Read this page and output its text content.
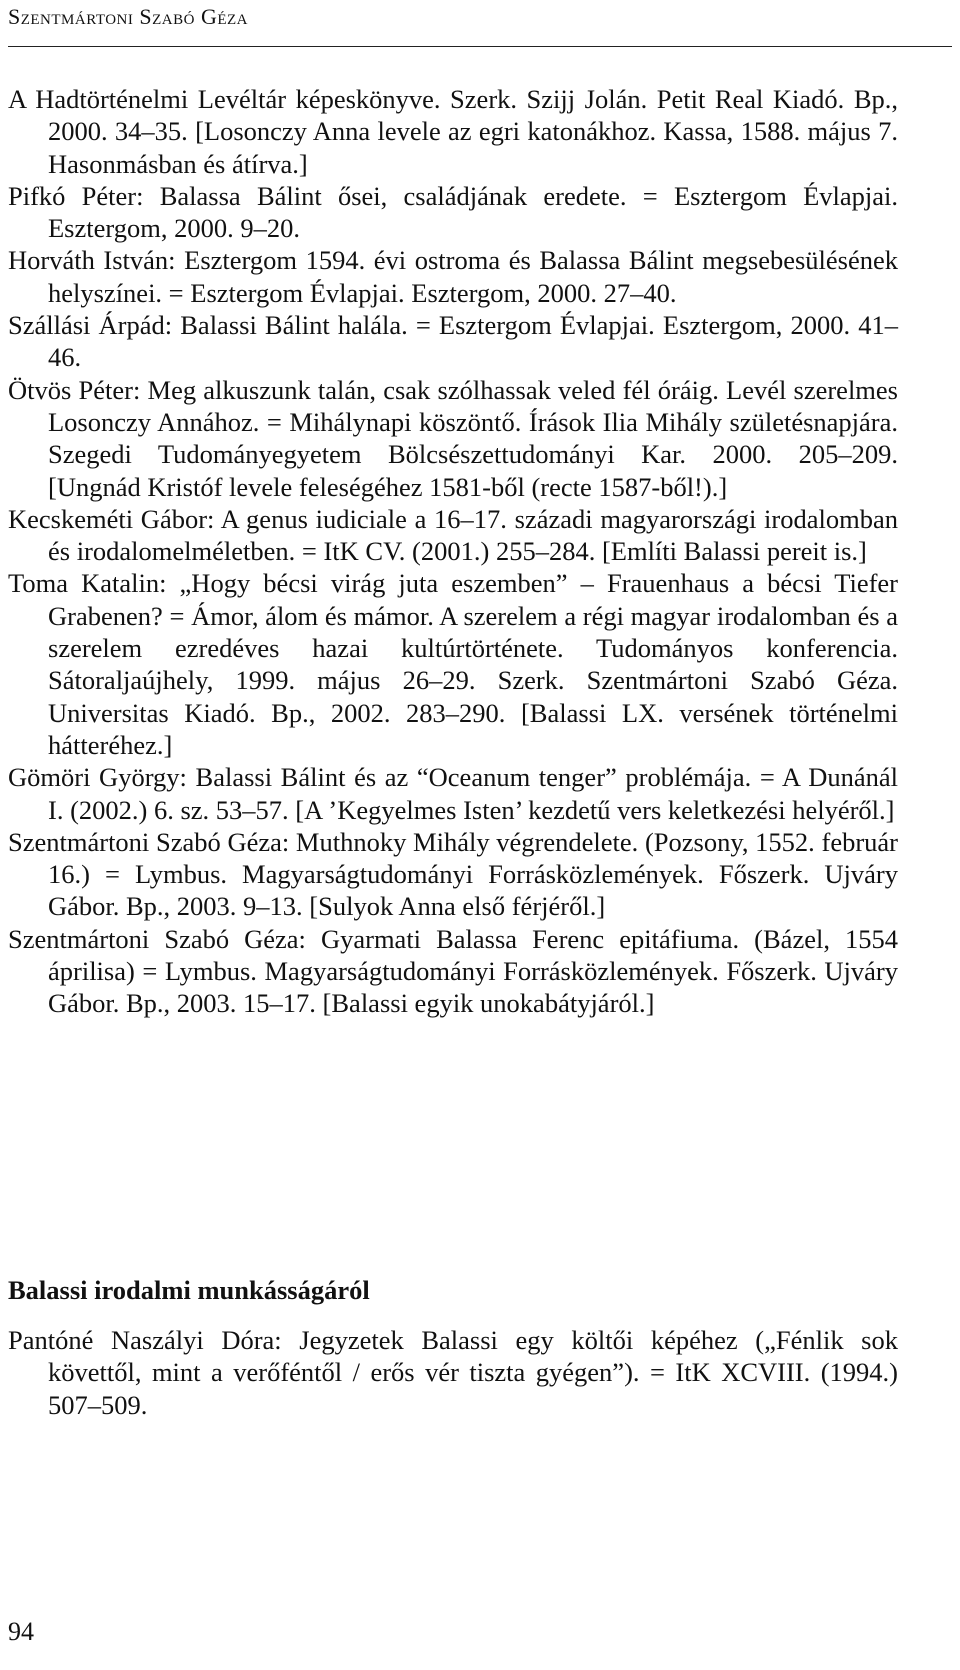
Szentmártoni Szabó Géza

A Hadtörténelmi Levéltár képeskönyve. Szerk. Szijj Jolán. Petit Real Kiadó. Bp., 2000. 34–35. [Losonczy Anna levele az egri katonákhoz. Kassa, 1588. május 7. Hasonmásban és átírva.]

Pifkó Péter: Balassa Bálint ősei, családjának eredete. = Esztergom Évlapjai. Esztergom, 2000. 9–20.

Horváth István: Esztergom 1594. évi ostroma és Balassa Bálint megsebesülésének helyszínei. = Esztergom Évlapjai. Esztergom, 2000. 27–40.

Szállási Árpád: Balassi Bálint halála. = Esztergom Évlapjai. Esztergom, 2000. 41–46.

Ötvös Péter: Meg alkuszunk talán, csak szólhassak veled fél óráig. Levél szerelmes Losonczy Annához. = Mihálynapi köszöntő. Írások Ilia Mihály születésnapjára. Szegedi Tudományegyetem Bölcsészettudományi Kar. 2000. 205–209. [Ungnád Kristóf levele feleségéhez 1581-ből (recte 1587-ből!).]

Kecskeméti Gábor: A genus iudiciale a 16–17. századi magyarországi irodalomban és irodalomelméletben. = ItK CV. (2001.) 255–284. [Említi Balassi pereit is.]

Toma Katalin: „Hogy bécsi virág juta eszemben” – Frauenhaus a bécsi Tiefer Grabenen? = Ámor, álom és mámor. A szerelem a régi magyar irodalomban és a szerelem ezredéves hazai kultúrtörténete. Tudományos konferencia. Sátoraljaújhely, 1999. május 26–29. Szerk. Szentmártoni Szabó Géza. Universitas Kiadó. Bp., 2002. 283–290. [Balassi LX. versének történelmi hátteréhez.]

Gömöri György: Balassi Bálint és az “Oceanum tenger” problémája. = A Dunánál I. (2002.) 6. sz. 53–57. [A ’Kegyelmes Isten’ kezdetű vers keletkezési helyéről.]

Szentmártoni Szabó Géza: Muthnoky Mihály végrendelete. (Pozsony, 1552. február 16.) = Lymbus. Magyarságtudományi Forrásközlemények. Főszerk. Ujváry Gábor. Bp., 2003. 9–13. [Sulyok Anna első férjéről.]

Szentmártoni Szabó Géza: Gyarmati Balassa Ferenc epitáfiuma. (Bázel, 1554 áprilisa) = Lymbus. Magyarságtudományi Forrásközlemények. Főszerk. Ujváry Gábor. Bp., 2003. 15–17. [Balassi egyik unokabátyjáról.]

Balassi irodalmi munkásságáról

Pantóné Naszályi Dóra: Jegyzetek Balassi egy költői képéhez („Fénlik sok követtől, mint a verőféntől / erős vér tiszta gyégen”). = ItK XCVIII. (1994.) 507–509.

94
